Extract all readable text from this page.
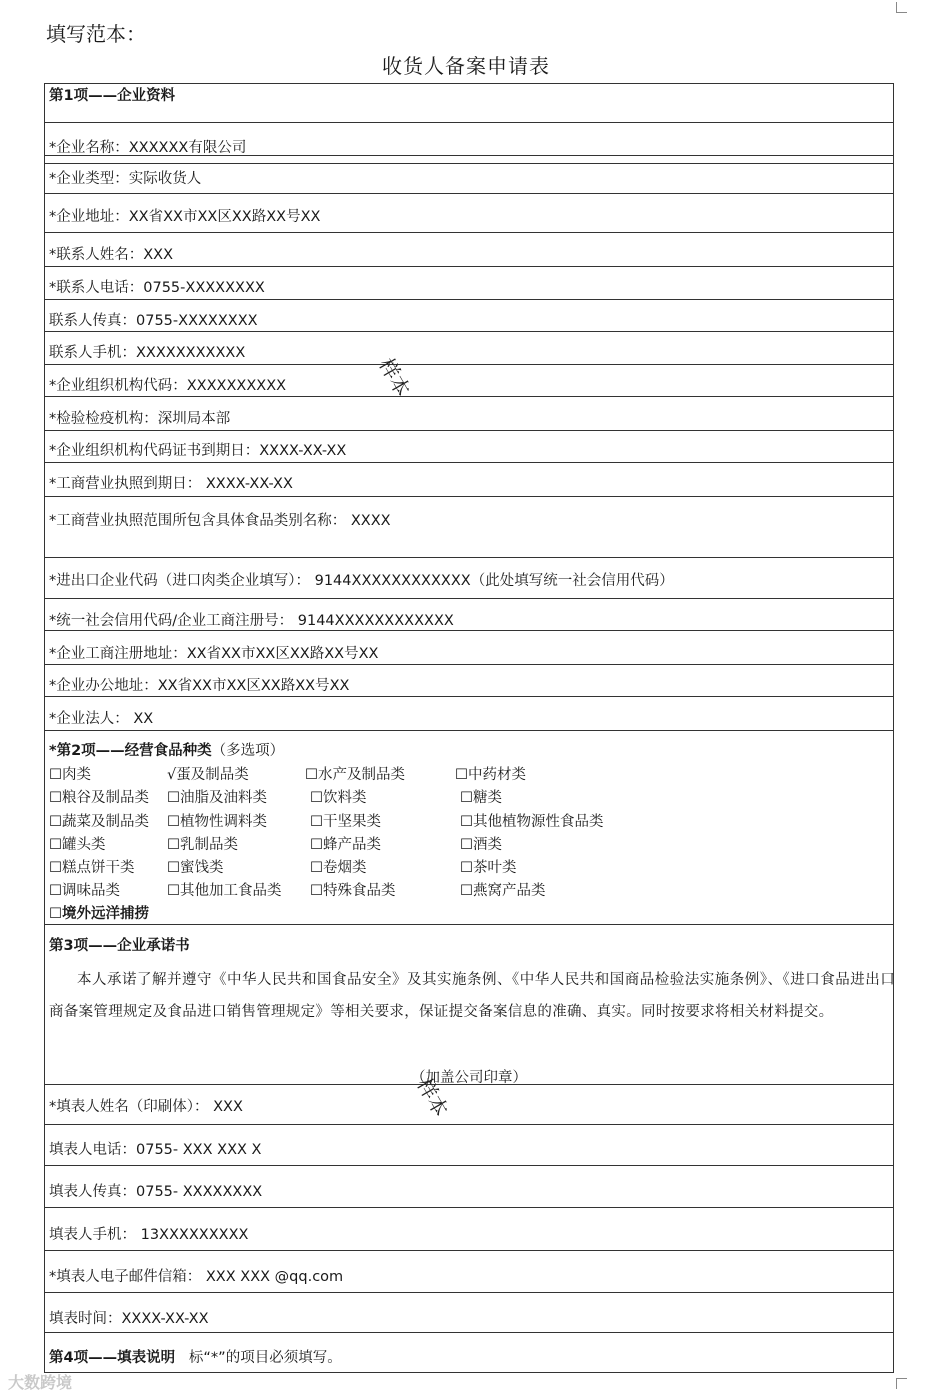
填写范本：
收货人备案申请表
第1项——企业资料
*企业名称：XXXXXX有限公司
*企业类型：实际收货人
*企业地址：XX省XX市XX区XX路XX号XX
*联系人姓名：XXX
*联系人电话：0755-XXXXXXXX
联系人传真：0755-XXXXXXXX
联系人手机：XXXXXXXXXXX
*企业组织机构代码：XXXXXXXXXX
*检验检疫机构：深圳局本部
*企业组织机构代码证书到期日：XXXX-XX-XX
*工商营业执照到期日： XXXX-XX-XX
*工商营业执照范围所包含具体食品类别名称： XXXX
*进出口企业代码（进口肉类企业填写）： 9144XXXXXXXXXXXX（此处填写统一社会信用代码）
*统一社会信用代码/企业工商注册号： 9144XXXXXXXXXXXX
*企业工商注册地址：XX省XX市XX区XX路XX号XX
*企业办公地址：XX省XX市XX区XX路XX号XX
*企业法人： XX
*第2项——经营食品种类（多选项）
☐肉类	√蛋及制品类	☐水产及制品类	☐中药材类
☐粮谷及制品类 ☐油脂及油料类	☐饮料类	☐糖类
☐蔬菜及制品类 ☐植物性调料类	☐干坚果类	☐其他植物源性食品类
☐罐头类	☐乳制品类	☐蜂产品类	☐酒类
☐糕点饼干类 ☐蜜饯类	☐卷烟类	☐茶叶类
☐调味品类	☐其他加工食品类 ☐特殊食品类	☐燕窝产品类
☐境外远洋捕捞
第3项——企业承诺书
本人承诺了解并遵守《中华人民共和国食品安全》及其实施条例、《中华人民共和国商品检验法实施条例》、《进口食品进出口商备案管理规定及食品进口销售管理规定》等相关要求，保证提交备案信息的准确、真实。同时按要求将相关材料提交。
（加盖公司印章）
*填表人姓名（印刷体）： XXX
填表人电话：0755- XXX XXX X
填表人传真：0755- XXXXXXXX
填表人手机： 13XXXXXXXXX
*填表人电子邮件信箱： XXX XXX @qq.com
填表时间：XXXX-XX-XX
第4项——填表说明 标“*”的项目必须填写。
样本
样本
大数跨境
